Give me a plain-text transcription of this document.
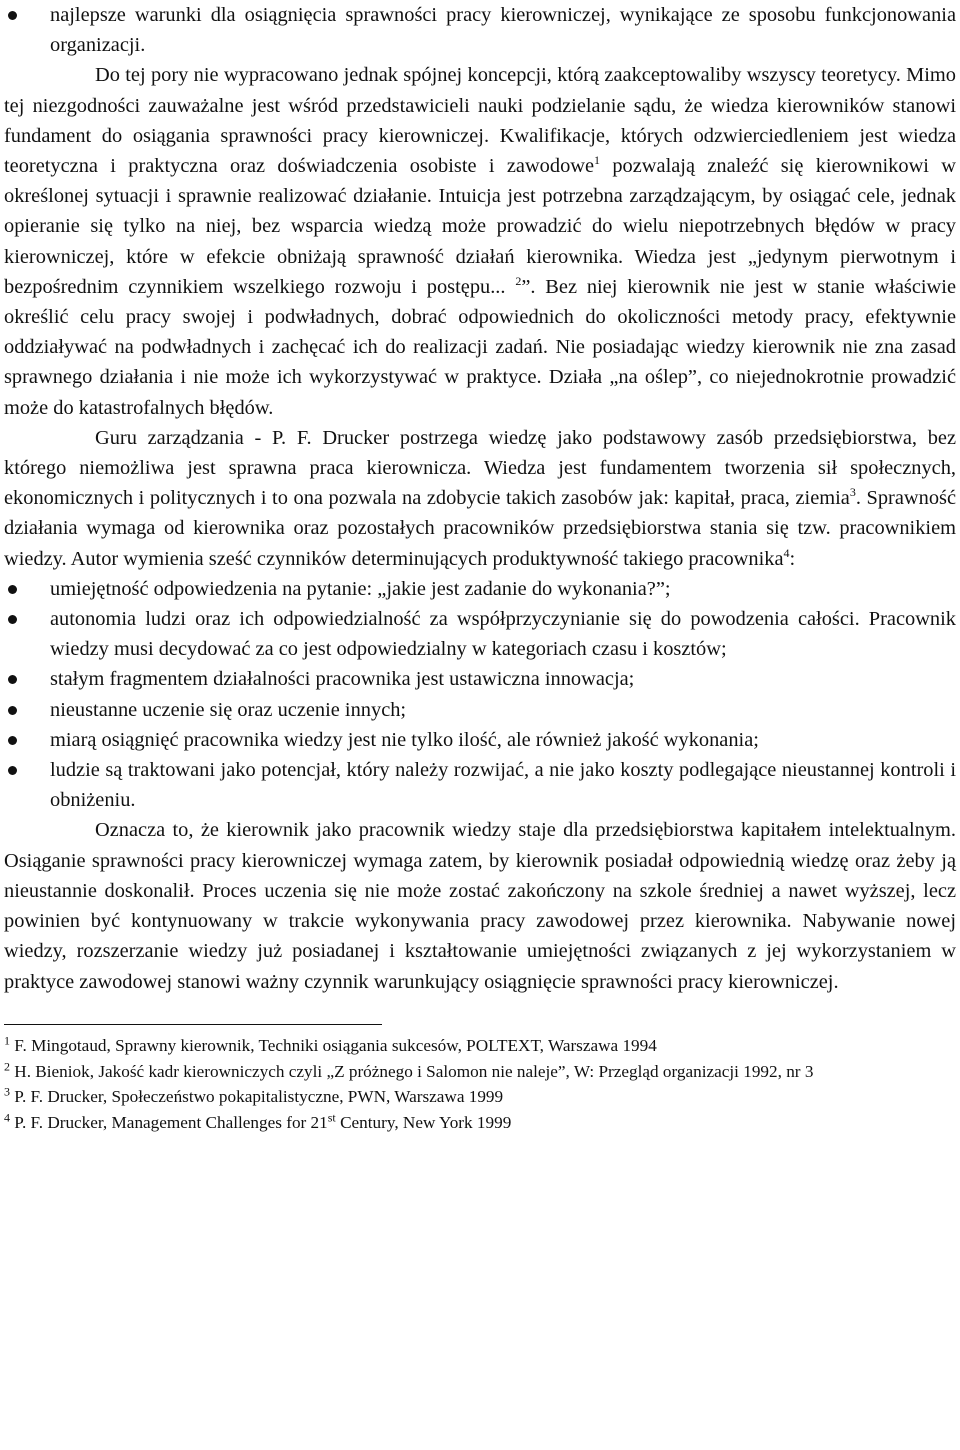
najlepsze warunki dla osiągnięcia sprawności pracy kierowniczej, wynikające ze sposobu funkcjonowania organizacji.

Do tej pory nie wypracowano jednak spójnej koncepcji, którą zaakceptowaliby wszyscy teoretycy. Mimo tej niezgodności zauważalne jest wśród przedstawicieli nauki podzielanie sądu, że wiedza kierowników stanowi fundament do osiągania sprawności pracy kierowniczej. Kwalifikacje, których odzwierciedleniem jest wiedza teoretyczna i praktyczna oraz doświadczenia osobiste i zawodowe$^1$ pozwalają znaleźć się kierownikowi w określonej sytuacji i sprawnie realizować działanie. Intuicja jest potrzebna zarządzającym, by osiągać cele, jednak opieranie się tylko na niej, bez wsparcia wiedzą może prowadzić do wielu niepotrzebnych błędów w pracy kierowniczej, które w efekcie obniżają sprawność działań kierownika. Wiedza jest „jedynym pierwotnym i bezpośrednim czynnikiem wszelkiego rozwoju i postępu... $^2$”. Bez niej kierownik nie jest w stanie właściwie określić celu pracy swojej i podwładnych, dobrać odpowiednich do okoliczności metody pracy, efektywnie oddziaływać na podwładnych i zachęcać ich do realizacji zadań. Nie posiadając wiedzy kierownik nie zna zasad sprawnego działania i nie może ich wykorzystywać w praktyce. Działa „na oślep”, co niejednokrotnie prowadzić może do katastrofalnych błędów.

Guru zarządzania - P. F. Drucker postrzega wiedzę jako podstawowy zasób przedsiębiorstwa, bez którego niemożliwa jest sprawna praca kierownicza. Wiedza jest fundamentem tworzenia sił społecznych, ekonomicznych i politycznych i to ona pozwala na zdobycie takich zasobów jak: kapitał, praca, ziemia$^3$. Sprawność działania wymaga od kierownika oraz pozostałych pracowników przedsiębiorstwa stania się tzw. pracownikiem wiedzy. Autor wymienia sześć czynników determinujących produktywność takiego pracownika$^4$:

umiejętność odpowiedzenia na pytanie: „jakie jest zadanie do wykonania?”;
autonomia ludzi oraz ich odpowiedzialność za współprzyczynianie się do powodzenia całości. Pracownik wiedzy musi decydować za co jest odpowiedzialny w kategoriach czasu i kosztów;
stałym fragmentem działalności pracownika jest ustawiczna innowacja;
nieustanne uczenie się oraz uczenie innych;
miarą osiągnięć pracownika wiedzy jest nie tylko ilość, ale również jakość wykonania;
ludzie są traktowani jako potencjał, który należy rozwijać, a nie jako koszty podlegające nieustannej kontroli i obniżeniu.

Oznacza to, że kierownik jako pracownik wiedzy staje dla przedsiębiorstwa kapitałem intelektualnym. Osiąganie sprawności pracy kierowniczej wymaga zatem, by kierownik posiadał odpowiednią wiedzę oraz żeby ją nieustannie doskonalił. Proces uczenia się nie może zostać zakończony na szkole średniej a nawet wyższej, lecz powinien być kontynuowany w trakcie wykonywania pracy zawodowej przez kierownika. Nabywanie nowej wiedzy, rozszerzanie wiedzy już posiadanej i kształtowanie umiejętności związanych z jej wykorzystaniem w praktyce zawodowej stanowi ważny czynnik warunkujący osiągnięcie sprawności pracy kierowniczej.

$^1$ F. Mingotaud, Sprawny kierownik, Techniki osiągania sukcesów, POLTEXT, Warszawa 1994

$^2$ H. Bieniok, Jakość kadr kierowniczych czyli „Z próżnego i Salomon nie naleje”, W: Przegląd organizacji 1992, nr 3

$^3$ P. F. Drucker, Społeczeństwo pokapitalistyczne, PWN, Warszawa 1999

$^4$ P. F. Drucker, Management Challenges for 21st Century, New York 1999
